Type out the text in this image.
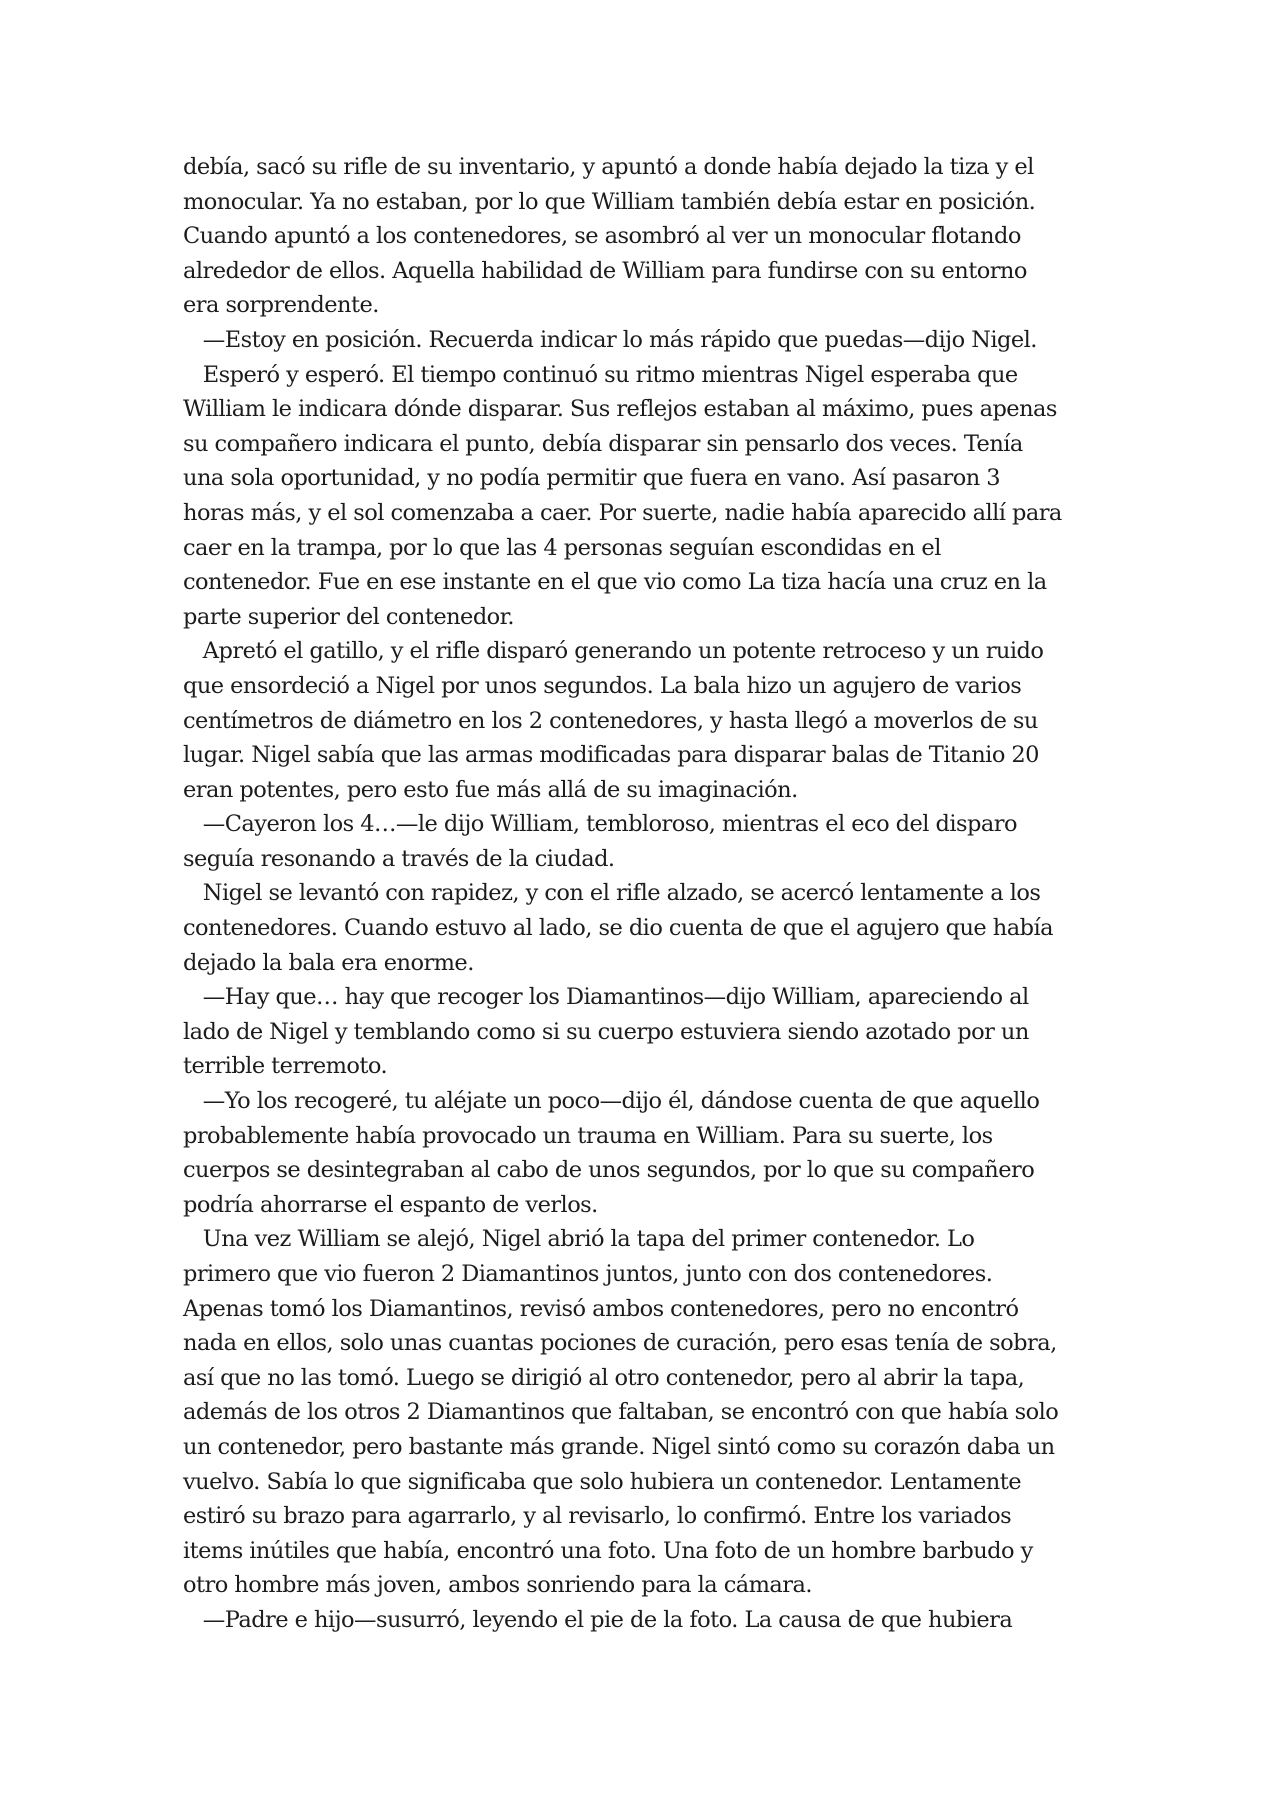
debía, sacó su rifle de su inventario, y apuntó a donde había dejado la tiza y el
monocular. Ya no estaban, por lo que William también debía estar en posición.
Cuando apuntó a los contenedores, se asombró al ver un monocular flotando
alrededor de ellos. Aquella habilidad de William para fundirse con su entorno
era sorprendente.
—Estoy en posición. Recuerda indicar lo más rápido que puedas—dijo Nigel.
Esperó y esperó. El tiempo continuó su ritmo mientras Nigel esperaba que
William le indicara dónde disparar. Sus reflejos estaban al máximo, pues apenas
su compañero indicara el punto, debía disparar sin pensarlo dos veces. Tenía
una sola oportunidad, y no podía permitir que fuera en vano. Así pasaron 3
horas más, y el sol comenzaba a caer. Por suerte, nadie había aparecido allí para
caer en la trampa, por lo que las 4 personas seguían escondidas en el
contenedor. Fue en ese instante en el que vio como La tiza hacía una cruz en la
parte superior del contenedor.
Apretó el gatillo, y el rifle disparó generando un potente retroceso y un ruido
que ensordeció a Nigel por unos segundos. La bala hizo un agujero de varios
centímetros de diámetro en los 2 contenedores, y hasta llegó a moverlos de su
lugar. Nigel sabía que las armas modificadas para disparar balas de Titanio 20
eran potentes, pero esto fue más allá de su imaginación.
—Cayeron los 4…—le dijo William, tembloroso, mientras el eco del disparo
seguía resonando a través de la ciudad.
Nigel se levantó con rapidez, y con el rifle alzado, se acercó lentamente a los
contenedores. Cuando estuvo al lado, se dio cuenta de que el agujero que había
dejado la bala era enorme.
—Hay que… hay que recoger los Diamantinos—dijo William, apareciendo al
lado de Nigel y temblando como si su cuerpo estuviera siendo azotado por un
terrible terremoto.
—Yo los recogeré, tu aléjate un poco—dijo él, dándose cuenta de que aquello
probablemente había provocado un trauma en William. Para su suerte, los
cuerpos se desintegraban al cabo de unos segundos, por lo que su compañero
podría ahorrarse el espanto de verlos.
Una vez William se alejó, Nigel abrió la tapa del primer contenedor. Lo
primero que vio fueron 2 Diamantinos juntos, junto con dos contenedores.
Apenas tomó los Diamantinos, revisó ambos contenedores, pero no encontró
nada en ellos, solo unas cuantas pociones de curación, pero esas tenía de sobra,
así que no las tomó. Luego se dirigió al otro contenedor, pero al abrir la tapa,
además de los otros 2 Diamantinos que faltaban, se encontró con que había solo
un contenedor, pero bastante más grande. Nigel sintó como su corazón daba un
vuelvo. Sabía lo que significaba que solo hubiera un contenedor. Lentamente
estiró su brazo para agarrarlo, y al revisarlo, lo confirmó. Entre los variados
items inútiles que había, encontró una foto. Una foto de un hombre barbudo y
otro hombre más joven, ambos sonriendo para la cámara.
—Padre e hijo—susurró, leyendo el pie de la foto. La causa de que hubiera
